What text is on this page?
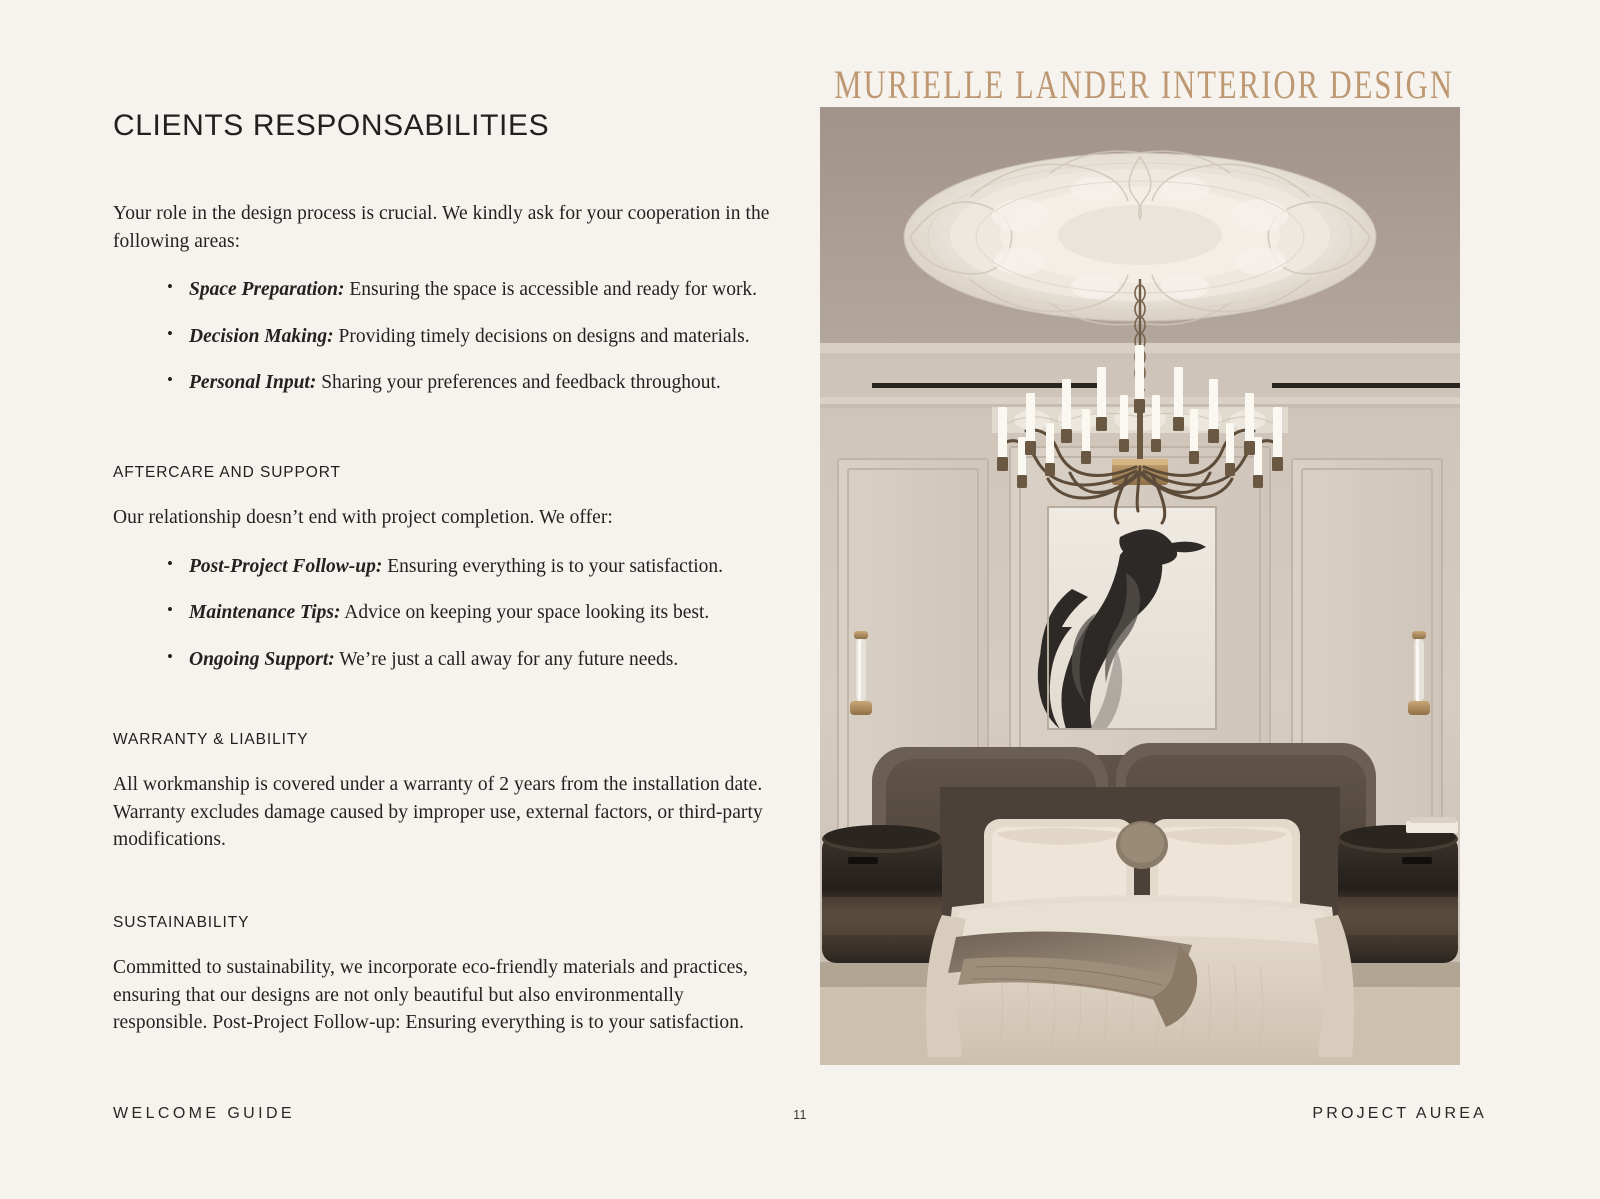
MURIELLE LANDER INTERIOR DESIGN
CLIENTS RESPONSABILITIES

Your role in the design process is crucial. We kindly ask for your cooperation in the following areas:

• Space Preparation: Ensuring the space is accessible and ready for work.
• Decision Making: Providing timely decisions on designs and materials.
• Personal Input: Sharing your preferences and feedback throughout.
AFTERCARE AND SUPPORT

Our relationship doesn’t end with project completion. We offer:

• Post-Project Follow-up: Ensuring everything is to your satisfaction.
• Maintenance Tips: Advice on keeping your space looking its best.
• Ongoing Support: We’re just a call away for any future needs.
WARRANTY & LIABILITY

All workmanship is covered under a warranty of 2 years from the installation date. Warranty excludes damage caused by improper use, external factors, or third-party modifications.

SUSTAINABILITY

Committed to sustainability, we incorporate eco-friendly materials and practices, ensuring that our designs are not only beautiful but also environmentally responsible. Post-Project Follow-up: Ensuring everything is to your satisfaction.

WELCOME GUIDE	11	PROJECT AUREA
